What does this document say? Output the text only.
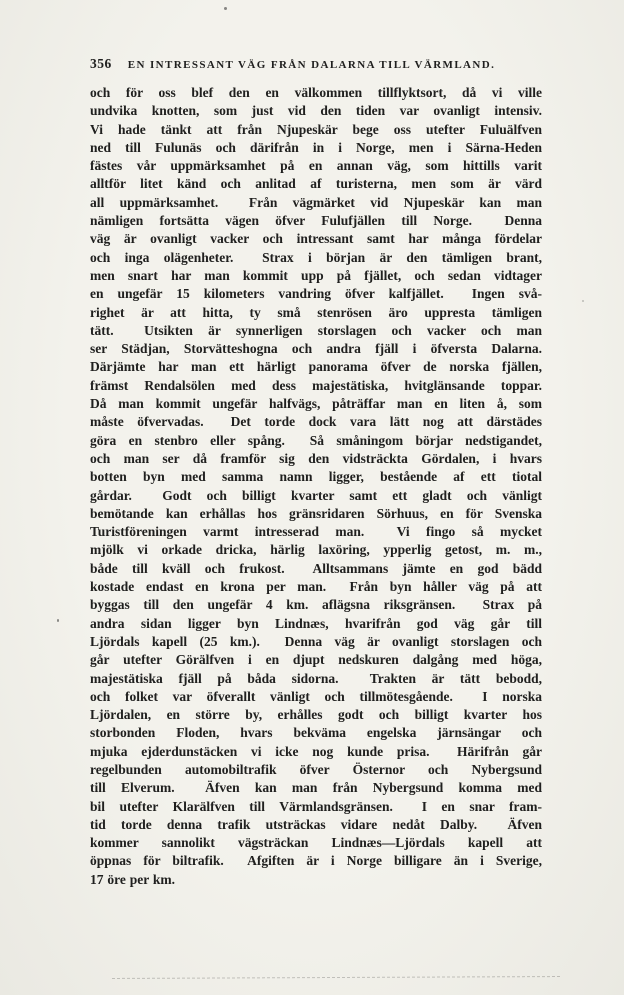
356 EN INTRESSANT VÄG FRÅN DALARNA TILL VÄRMLAND.
och för oss blef den en välkommen tillflyktsort, då vi ville
undvika knotten, som just vid den tiden var ovanligt intensiv.
Vi hade tänkt att från Njupeskär bege oss utefter Fuluälfven
ned till Fulunäs och därifrån in i Norge, men i Särna-Heden
fästes vår uppmärksamhet på en annan väg, som hittills varit
alltför litet känd och anlitad af turisterna, men som är värd
all uppmärksamhet.  Från vägmärket vid Njupeskär kan man
nämligen fortsätta vägen öfver Fulufjällen till Norge.  Denna
väg är ovanligt vacker och intressant samt har många fördelar
och inga olägenheter.  Strax i början är den tämligen brant,
men snart har man kommit upp på fjället, och sedan vidtager
en ungefär 15 kilometers vandring öfver kalfjället.  Ingen svå-
righet är att hitta, ty små stenrösen äro uppresta tämligen
tätt.  Utsikten är synnerligen storslagen och vacker och man
ser Städjan, Storvätteshogna och andra fjäll i öfversta Dalarna.
Därjämte har man ett härligt panorama öfver de norska fjällen,
främst Rendalsölen med dess majestätiska, hvitglänsande toppar.
Då man kommit ungefär halfvägs, påträffar man en liten å, som
måste öfvervadas.  Det torde dock vara lätt nog att därstädes
göra en stenbro eller spång.  Så småningom börjar nedstigandet,
och man ser då framför sig den vidsträckta Gördalen, i hvars
botten byn med samma namn ligger, bestående af ett tiotal
gårdar.  Godt och billigt kvarter samt ett gladt och vänligt
bemötande kan erhållas hos gränsridaren Sörhuus, en för Svenska
Turistföreningen varmt intresserad man.  Vi fingo så mycket
mjölk vi orkade dricka, härlig laxöring, ypperlig getost, m. m.,
både till kväll och frukost.  Alltsammans jämte en god bädd
kostade endast en krona per man.  Från byn håller väg på att
byggas till den ungefär 4 km. aflägsna riksgränsen.  Strax på
andra sidan ligger byn Lindnæs, hvarifrån god väg går till
Ljördals kapell (25 km.).  Denna väg är ovanligt storslagen och
går utefter Görälfven i en djupt nedskuren dalgång med höga,
majestätiska fjäll på båda sidorna.  Trakten är tätt bebodd,
och folket var öfverallt vänligt och tillmötesgående.  I norska
Ljördalen, en större by, erhålles godt och billigt kvarter hos
storbonden Floden, hvars bekväma engelska järnsängar och
mjuka ejderdunstäcken vi icke nog kunde prisa.  Härifrån går
regelbunden automobiltrafik öfver Östernor och Nybergsund
till Elverum.  Äfven kan man från Nybergsund komma med
bil utefter Klarälfven till Värmlandsgränsen.  I en snar fram-
tid torde denna trafik utsträckas vidare nedåt Dalby.  Äfven
kommer sannolikt vägsträckan Lindnæs—Ljördals kapell att
öppnas för biltrafik.  Afgiften är i Norge billigare än i Sverige,
17 öre per km.
